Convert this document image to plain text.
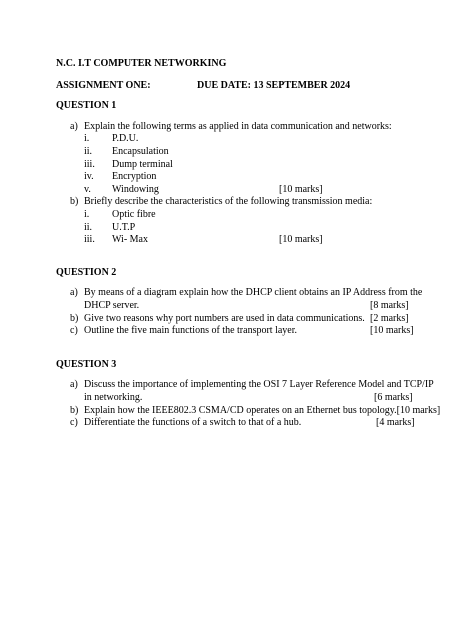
N.C. I.T COMPUTER NETWORKING
ASSIGNMENT ONE:	DUE DATE: 13 SEPTEMBER 2024
QUESTION 1
a) Explain the following terms as applied in data communication and networks:
i. P.D.U.
ii. Encapsulation
iii. Dump terminal
iv. Encryption
v. Windowing	[10 marks]
b) Briefly describe the characteristics of the following transmission media:
i. Optic fibre
ii. U.T.P
iii. Wi- Max	[10 marks]
QUESTION 2
a) By means of a diagram explain how the DHCP client obtains an IP Address from the
DHCP server.	[8 marks]
b) Give two reasons why port numbers are used in data communications. [2 marks]
c) Outline the five main functions of the transport layer.	[10 marks]
QUESTION 3
a) Discuss the importance of implementing the OSI 7 Layer Reference Model and TCP/IP
in networking.	[6 marks]
b) Explain how the IEEE802.3 CSMA/CD operates on an Ethernet bus topology.[10 marks]
c) Differentiate the functions of a switch to that of a hub.	[4 marks]
